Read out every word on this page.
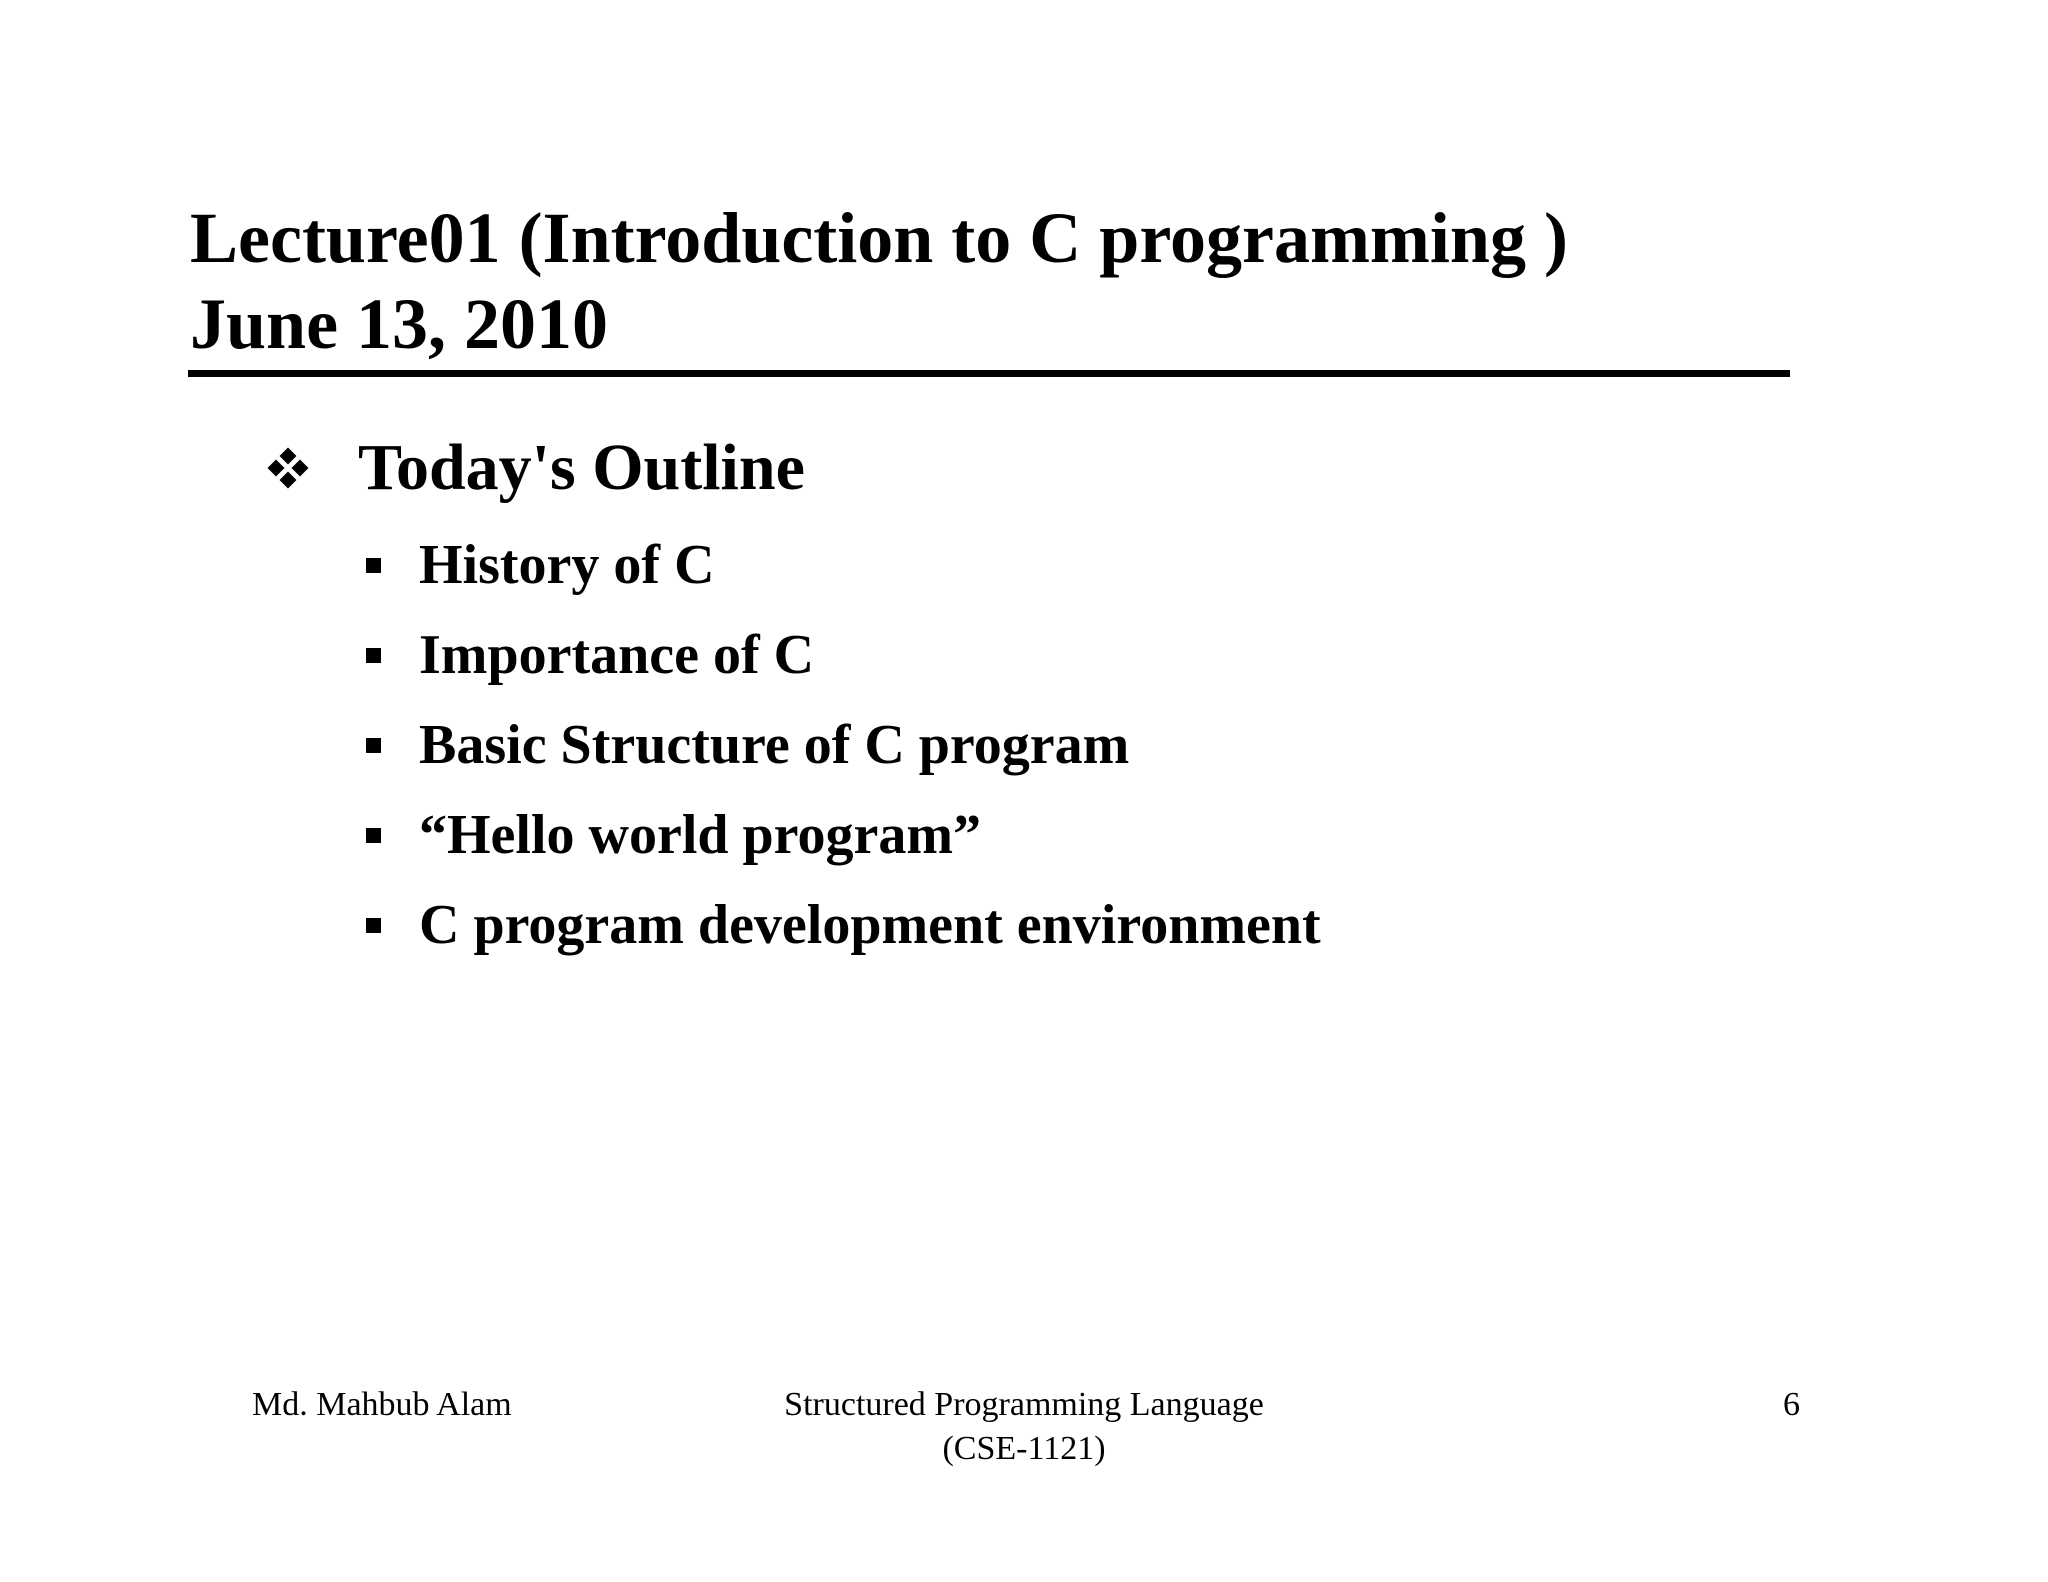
Lecture01 (Introduction to C programming )
June 13, 2010
Today's Outline
History of C
Importance of C
Basic Structure of C program
“Hello world program”
C program development environment
Md. Mahbub Alam	Structured Programming Language
(CSE-1121)
6
